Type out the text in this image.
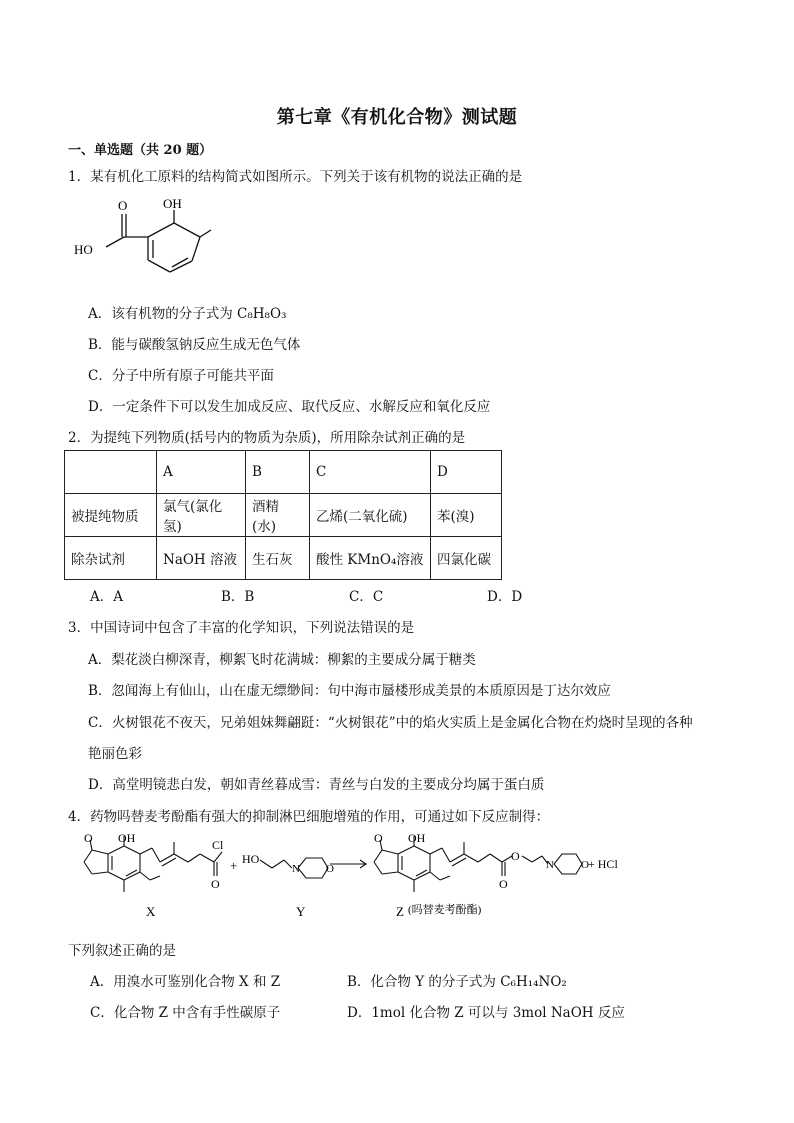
第七章《有机化合物》测试题
一、单选题（共 20 题）
1．某有机化工原料的结构简式如图所示。下列关于该有机物的说法正确的是
O	OH
HO
A．该有机物的分子式为 C₈H₈O₃
B．能与碳酸氢钠反应生成无色气体
C．分子中所有原子可能共平面
D．一定条件下可以发生加成反应、取代反应、水解反应和氧化反应
2．为提纯下列物质(括号内的物质为杂质)，所用除杂试剂正确的是
	A	B	C	D
被提纯物质	氯气(氯化氢)	酒精(水)	乙烯(二氧化硫)	苯(溴)
除杂试剂	NaOH 溶液	生石灰	酸性 KMnO₄溶液	四氯化碳
A．A	B．B	C．C	D．D
3．中国诗词中包含了丰富的化学知识，下列说法错误的是
A．梨花淡白柳深青，柳絮飞时花满城：柳絮的主要成分属于糖类
B．忽闻海上有仙山，山在虚无缥缈间：句中海市蜃楼形成美景的本质原因是丁达尔效应
C．火树银花不夜天，兄弟姐妹舞翩跹：“火树银花”中的焰火实质上是金属化合物在灼烧时呈现的各种
艳丽色彩
D．高堂明镜悲白发，朝如青丝暮成雪：青丝与白发的主要成分均属于蛋白质
4．药物吗替麦考酚酯有强大的抑制淋巴细胞增殖的作用，可通过如下反应制得：
OH
O	Cl
O
+ HO
N O
OH
O
O
O
N O + HCl
X	Y	Z (吗替麦考酚酯)
下列叙述正确的是
A．用溴水可鉴别化合物 X 和 Z	B．化合物 Y 的分子式为 C₆H₁₄NO₂
C．化合物 Z 中含有手性碳原子	D．1mol 化合物 Z 可以与 3mol NaOH 反应
